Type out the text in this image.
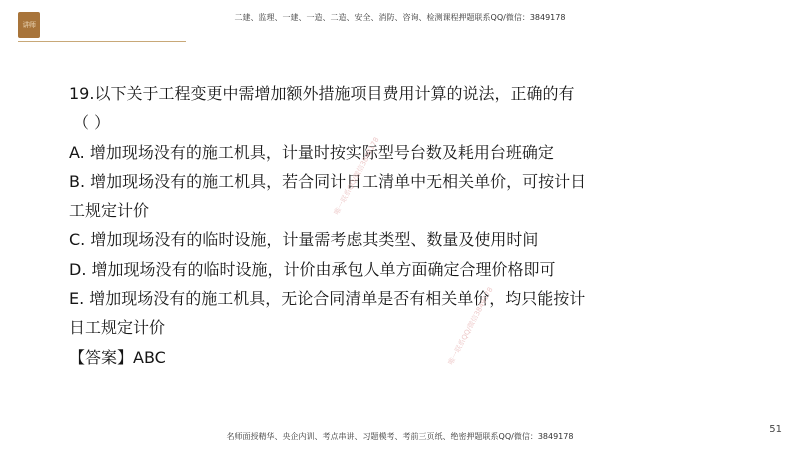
讲师
二建、监理、一建、一造、二造、安全、消防、咨询、检测课程押题联系QQ/微信：3849178
19.以下关于工程变更中需增加额外措施项目费用计算的说法，正确的有
（ ）
A. 增加现场没有的施工机具，计量时按实际型号台数及耗用台班确定
B. 增加现场没有的施工机具，若合同计日工清单中无相关单价，可按计日
工规定计价
C. 增加现场没有的临时设施，计量需考虑其类型、数量及使用时间
D. 增加现场没有的临时设施，计价由承包人单方面确定合理价格即可
E. 增加现场没有的施工机具，无论合同清单是否有相关单价，均只能按计
日工规定计价
【答案】ABC
唯一联系QQ/微信3849178
唯一联系QQ/微信3849178
名师面授精华、央企内训、考点串讲、习题模考、考前三页纸、绝密押题联系QQ/微信：3849178
51
